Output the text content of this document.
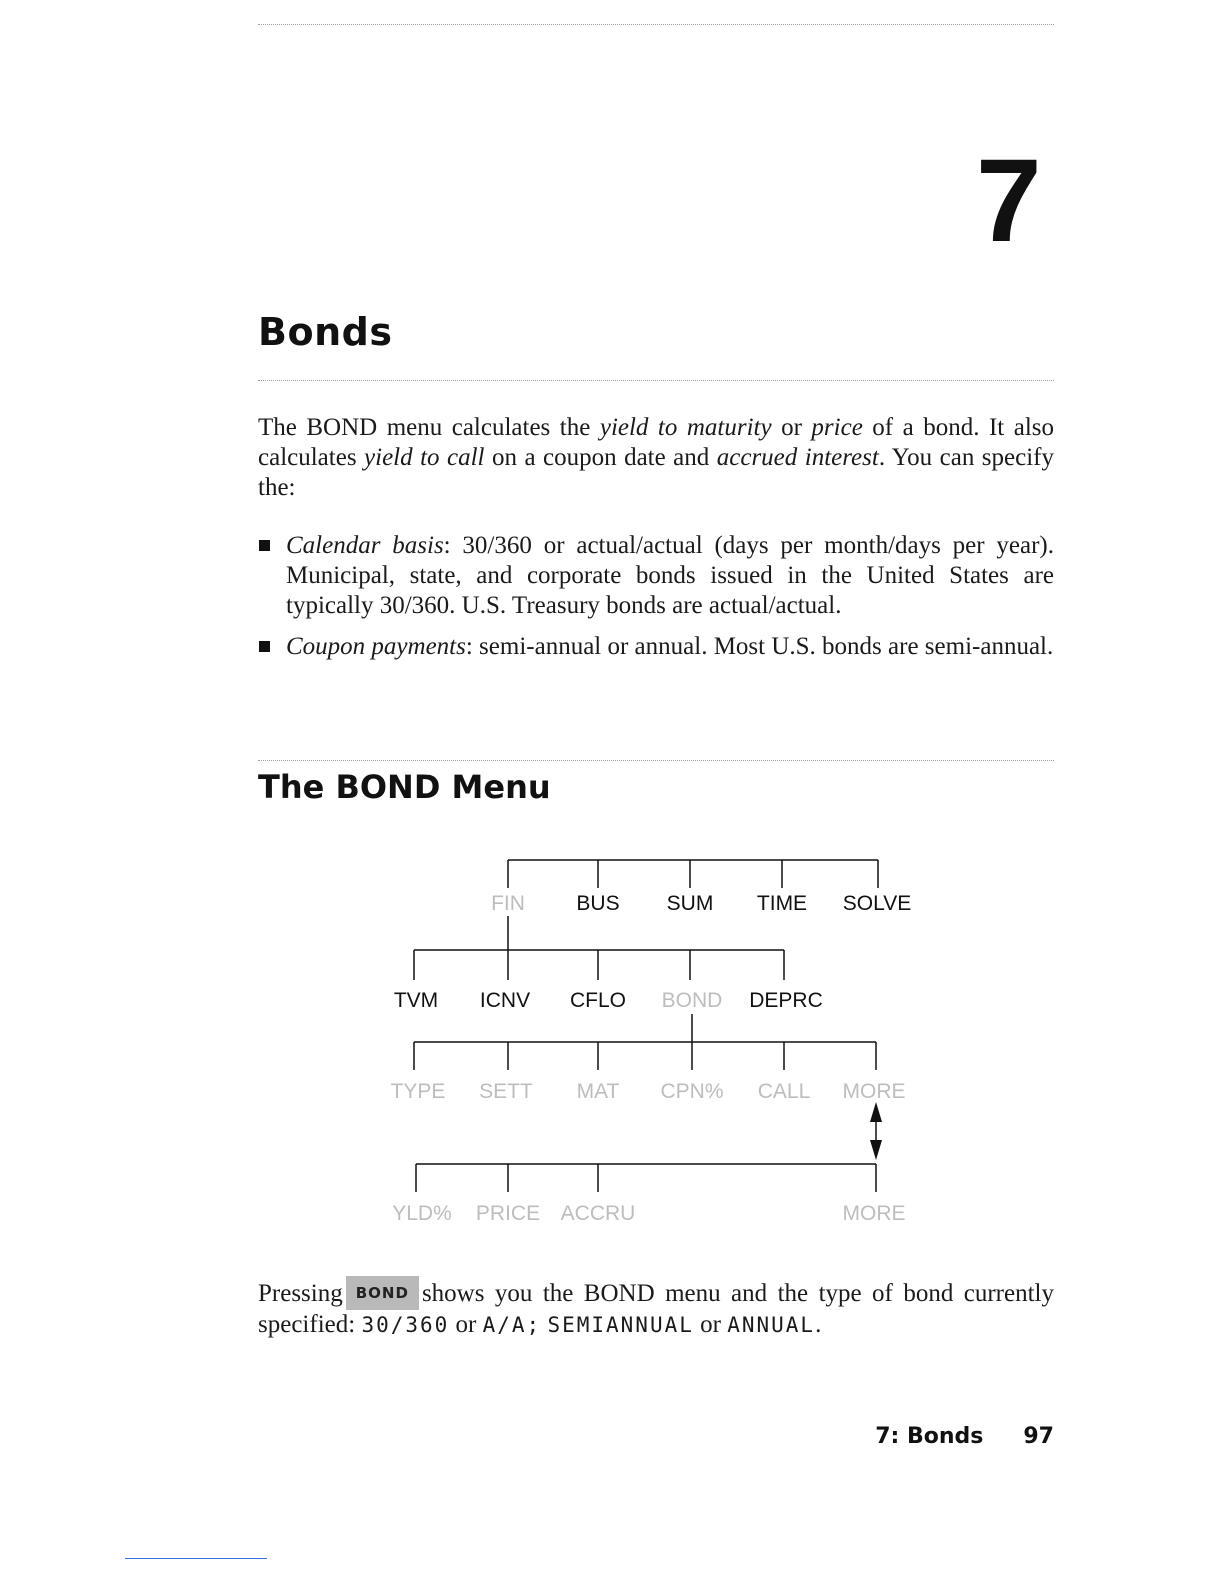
7
Bonds

The BOND menu calculates the yield to maturity or price of a bond. It also calculates yield to call on a coupon date and accrued interest. You can specify the:

Calendar basis: 30/360 or actual/actual (days per month/days per year). Municipal, state, and corporate bonds issued in the United States are typically 30/360. U.S. Treasury bonds are actual/actual.
Coupon payments: semi-annual or annual. Most U.S. bonds are semi-annual.
The BOND Menu
FIN BUS SUM TIME SOLVE
TVM ICNV CFLO BOND DEPRC
TYPE SETT MAT CPN% CALL MORE
YLD% PRICE ACCRU	MORE

Pressing BOND shows you the BOND menu and the type of bond currently specified: 30/360 or A/A; SEMIANNUAL or ANNUAL.

7: Bonds 97
